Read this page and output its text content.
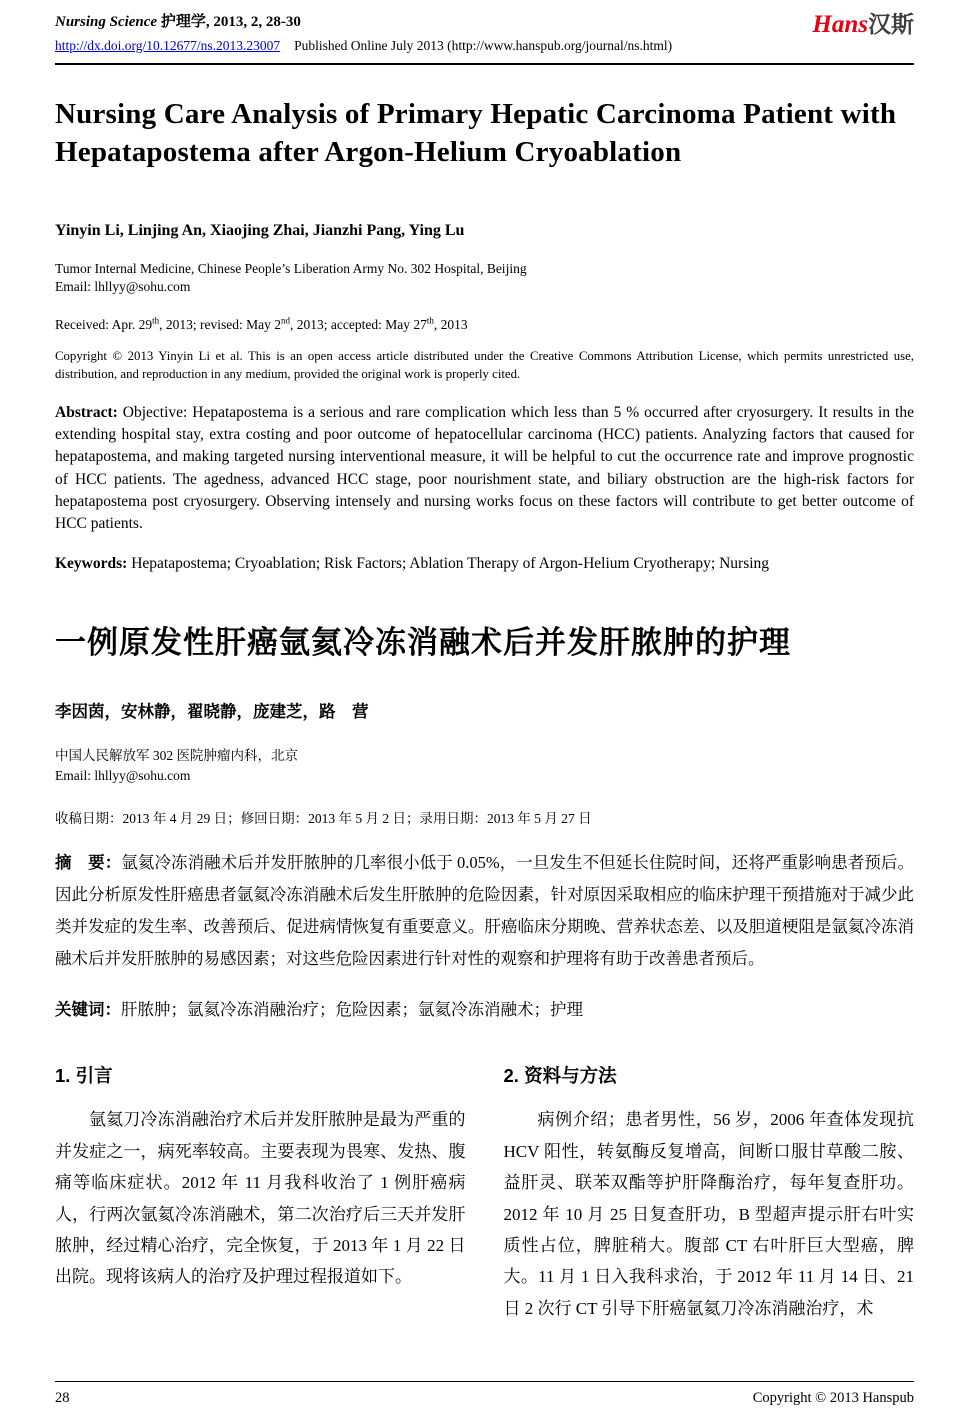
Nursing Science 护理学, 2013, 2, 28-30
http://dx.doi.org/10.12677/ns.2013.23007 Published Online July 2013 (http://www.hanspub.org/journal/ns.html)
Hans汉斯
Nursing Care Analysis of Primary Hepatic Carcinoma Patient with Hepatapostema after Argon-Helium Cryoablation
Yinyin Li, Linjing An, Xiaojing Zhai, Jianzhi Pang, Ying Lu
Tumor Internal Medicine, Chinese People’s Liberation Army No. 302 Hospital, Beijing
Email: lhllyy@sohu.com
Received: Apr. 29th, 2013; revised: May 2nd, 2013; accepted: May 27th, 2013
Copyright © 2013 Yinyin Li et al. This is an open access article distributed under the Creative Commons Attribution License, which permits unrestricted use, distribution, and reproduction in any medium, provided the original work is properly cited.
Abstract: Objective: Hepatapostema is a serious and rare complication which less than 5 % occurred after cryosurgery. It results in the extending hospital stay, extra costing and poor outcome of hepatocellular carcinoma (HCC) patients. Analyzing factors that caused for hepatapostema, and making targeted nursing interventional measure, it will be helpful to cut the occurrence rate and improve prognostic of HCC patients. The agedness, advanced HCC stage, poor nourishment state, and biliary obstruction are the high-risk factors for hepatapostema post cryosurgery. Observing intensely and nursing works focus on these factors will contribute to get better outcome of HCC patients.
Keywords: Hepatapostema; Cryoablation; Risk Factors; Ablation Therapy of Argon-Helium Cryotherapy; Nursing
一例原发性肝癌氩氦冷冻消融术后并发肝脓肿的护理
李因茵，安林静，翟晓静，庞建芝，路　营
中国人民解放军 302 医院肿瘤内科，北京
Email: lhllyy@sohu.com
收稿日期：2013 年 4 月 29 日；修回日期：2013 年 5 月 2 日；录用日期：2013 年 5 月 27 日
摘　要：氩氦冷冻消融术后并发肝脓肿的几率很小低于 0.05%，一旦发生不但延长住院时间，还将严重影响患者预后。因此分析原发性肝癌患者氩氦冷冻消融术后发生肝脓肿的危险因素，针对原因采取相应的临床护理干预措施对于减少此类并发症的发生率、改善预后、促进病情恢复有重要意义。肝癌临床分期晚、营养状态差、以及胆道梗阻是氩氦冷冻消融术后并发肝脓肿的易感因素；对这些危险因素进行针对性的观察和护理将有助于改善患者预后。
关键词：肝脓肿；氩氦冷冻消融治疗；危险因素；氩氦冷冻消融术；护理
1. 引言
氩氦刀冷冻消融治疗术后并发肝脓肿是最为严重的并发症之一，病死率较高。主要表现为畏寒、发热、腹痛等临床症状。2012 年 11 月我科收治了 1 例肝癌病人，行两次氩氦冷冻消融术，第二次治疗后三天并发肝脓肿，经过精心治疗，完全恢复，于 2013 年 1 月 22 日出院。现将该病人的治疗及护理过程报道如下。
2. 资料与方法
病例介绍；患者男性，56 岁，2006 年查体发现抗 HCV 阳性，转氨酶反复增高，间断口服甘草酸二胺、益肝灵、联苯双酯等护肝降酶治疗，每年复查肝功。2012 年 10 月 25 日复查肝功，B 型超声提示肝右叶实质性占位，脾脏稍大。腹部 CT 右叶肝巨大型癌，脾大。11 月 1 日入我科求治，于 2012 年 11 月 14 日、21 日 2 次行 CT 引导下肝癌氩氦刀冷冻消融治疗，术
28	Copyright © 2013 Hanspub
